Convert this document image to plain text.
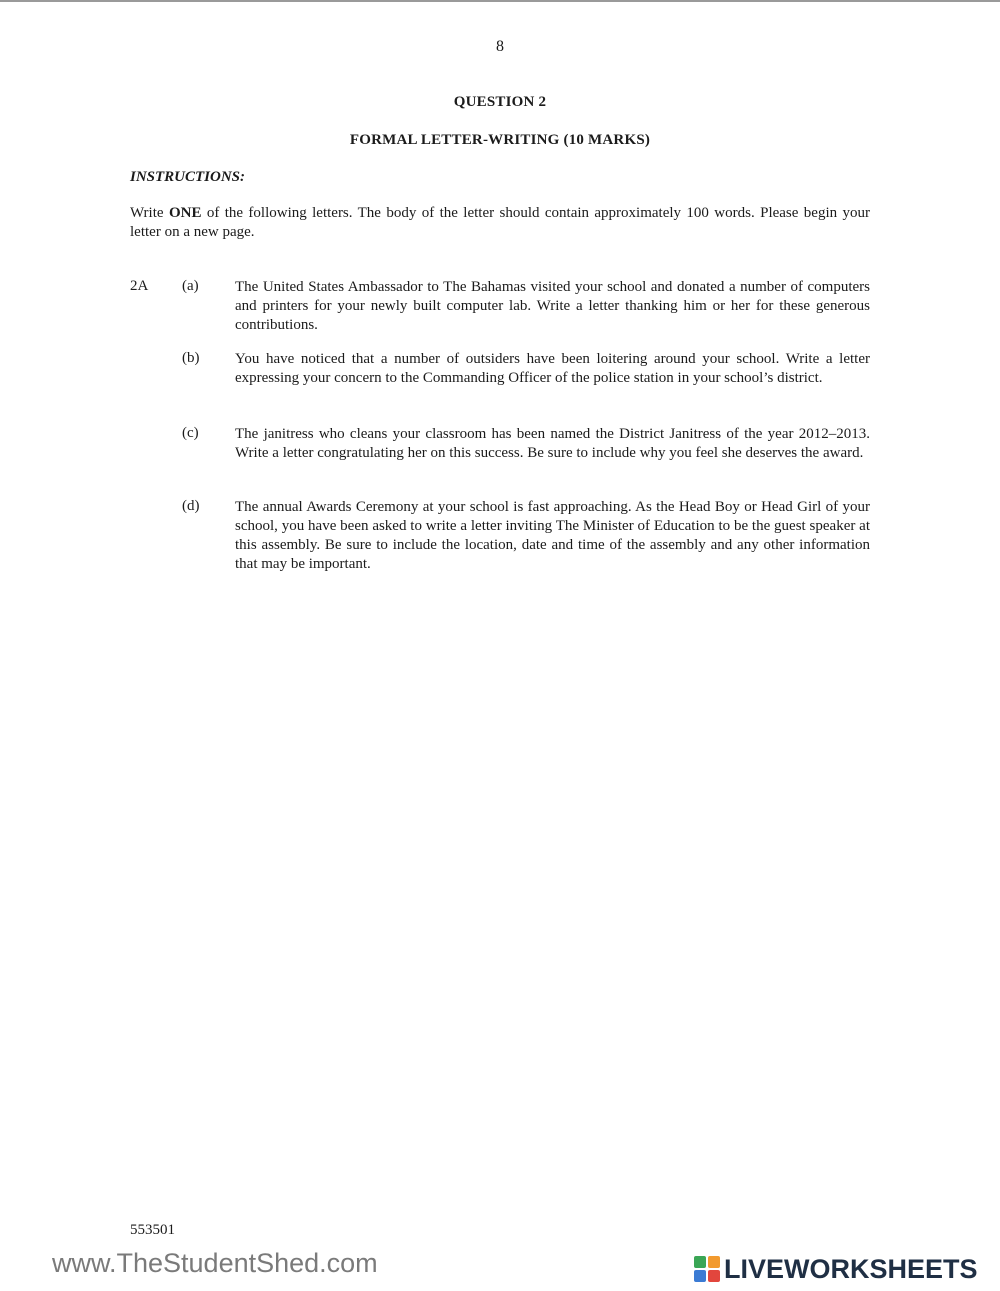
8
QUESTION 2
FORMAL LETTER-WRITING (10 MARKS)
INSTRUCTIONS:
Write ONE of the following letters. The body of the letter should contain approximately 100 words. Please begin your letter on a new page.
2A (a) The United States Ambassador to The Bahamas visited your school and donated a number of computers and printers for your newly built computer lab. Write a letter thanking him or her for these generous contributions.
(b) You have noticed that a number of outsiders have been loitering around your school. Write a letter expressing your concern to the Commanding Officer of the police station in your school’s district.
(c) The janitress who cleans your classroom has been named the District Janitress of the year 2012–2013. Write a letter congratulating her on this success. Be sure to include why you feel she deserves the award.
(d) The annual Awards Ceremony at your school is fast approaching. As the Head Boy or Head Girl of your school, you have been asked to write a letter inviting The Minister of Education to be the guest speaker at this assembly. Be sure to include the location, date and time of the assembly and any other information that may be important.
553501
www.TheStudentShed.com	LIVEWORKSHEETS
